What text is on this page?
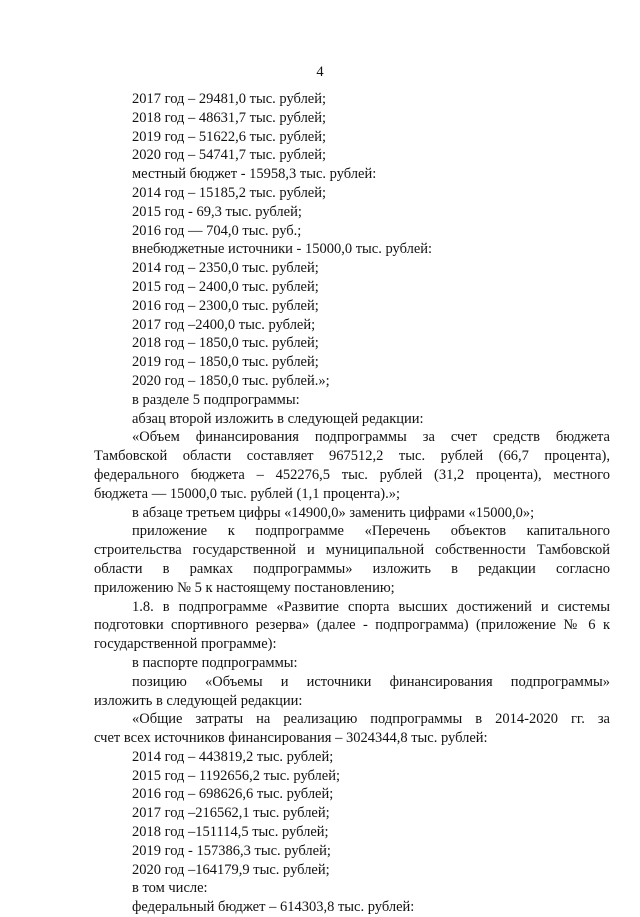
4
2017 год – 29481,0 тыс. рублей;
2018 год – 48631,7 тыс. рублей;
2019 год – 51622,6 тыс. рублей;
2020 год – 54741,7 тыс. рублей;
местный бюджет - 15958,3 тыс. рублей:
2014 год – 15185,2 тыс. рублей;
2015 год - 69,3 тыс. рублей;
2016 год — 704,0 тыс. руб.;
внебюджетные источники - 15000,0 тыс. рублей:
2014 год – 2350,0 тыс. рублей;
2015 год – 2400,0 тыс. рублей;
2016 год – 2300,0 тыс. рублей;
2017 год –2400,0 тыс. рублей;
2018 год – 1850,0 тыс. рублей;
2019 год – 1850,0 тыс. рублей;
2020 год – 1850,0 тыс. рублей.»;
в разделе 5 подпрограммы:
абзац второй изложить в следующей редакции:
«Объем финансирования подпрограммы за счет средств бюджета
Тамбовской области составляет 967512,2 тыс. рублей (66,7 процента),
федерального бюджета – 452276,5 тыс. рублей (31,2 процента), местного
бюджета — 15000,0 тыс. рублей (1,1 процента).»;
в абзаце третьем цифры «14900,0» заменить цифрами «15000,0»;
приложение к подпрограмме «Перечень объектов капитального
строительства государственной и муниципальной собственности Тамбовской
области в рамках подпрограммы» изложить в редакции согласно
приложению № 5 к настоящему постановлению;
1.8. в подпрограмме «Развитие спорта высших достижений и системы
подготовки спортивного резерва» (далее - подпрограмма) (приложение № 6 к
государственной программе):
в паспорте подпрограммы:
позицию «Объемы и источники финансирования подпрограммы»
изложить в следующей редакции:
«Общие затраты на реализацию подпрограммы в 2014-2020 гг. за
счет всех источников финансирования – 3024344,8 тыс. рублей:
2014 год – 443819,2 тыс. рублей;
2015 год – 1192656,2 тыс. рублей;
2016 год – 698626,6 тыс. рублей;
2017 год –216562,1 тыс. рублей;
2018 год –151114,5 тыс. рублей;
2019 год - 157386,3 тыс. рублей;
2020 год –164179,9 тыс. рублей;
в том числе:
федеральный бюджет – 614303,8 тыс. рублей:
